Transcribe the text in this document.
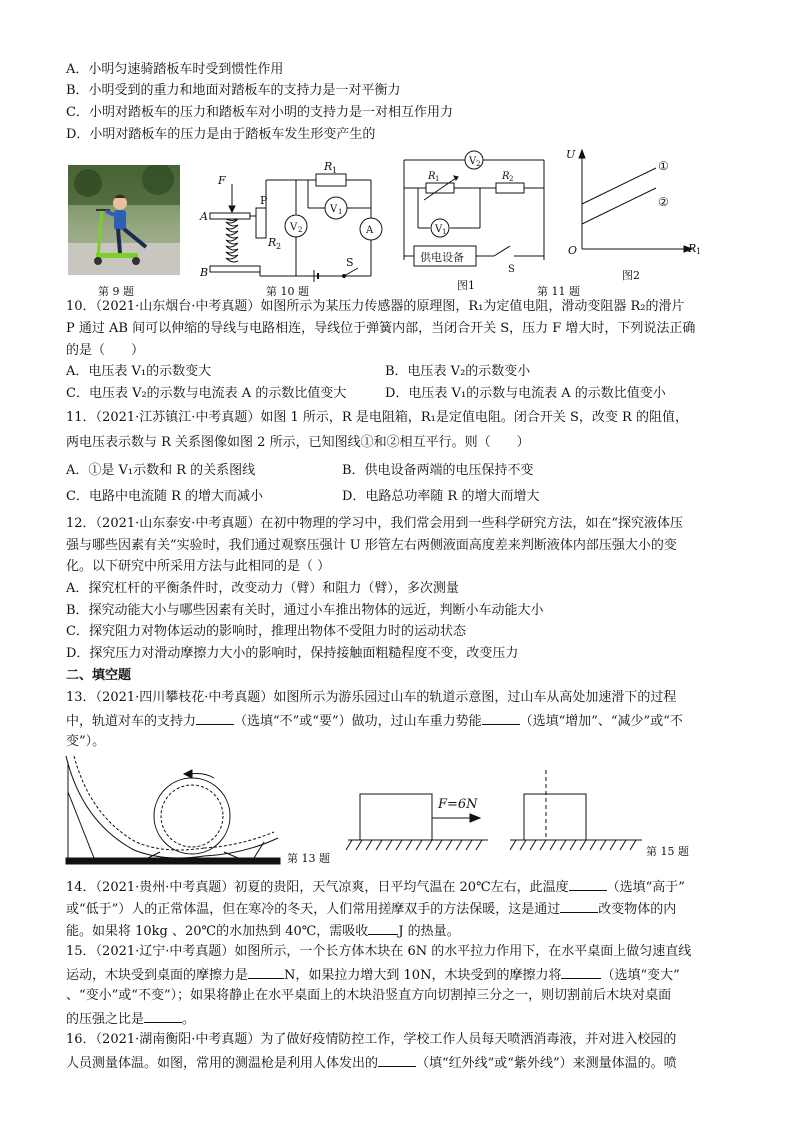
A．小明匀速骑踏板车时受到惯性作用
B．小明受到的重力和地面对踏板车的支持力是一对平衡力
C．小明对踏板车的压力和踏板车对小明的支持力是一对相互作用力
D．小明对踏板车的压力是由于踏板车发生形变产生的
第 9 题
F
A
B
P
R 2
R 1
V 2
V 1
A
S
第 10 题
V 2
R 1	R 2
V 1
S
供电设备
图1	第 11 题
U
O	R 1
①
②
图2
10．（2021·山东烟台·中考真题）如图所示为某压力传感器的原理图，R₁为定值电阻，滑动变阻器 R₂的滑片
P 通过 AB 间可以伸缩的导线与电路相连，导线位于弹簧内部，当闭合开关 S，压力 F 增大时，下列说法正确
的是（　　）
A．电压表 V₁的示数变大	B．电压表 V₂的示数变小
C．电压表 V₂的示数与电流表 A 的示数比值变大	D．电压表 V₁的示数与电流表 A 的示数比值变小
11．（2021·江苏镇江·中考真题）如图 1 所示，R 是电阻箱，R₁是定值电阻。闭合开关 S，改变 R 的阻值，
两电压表示数与 R 关系图像如图 2 所示，已知图线①和②相互平行。则（　　）
A．①是 V₁示数和 R 的关系图线	B．供电设备两端的电压保持不变
C．电路中电流随 R 的增大而减小	D．电路总功率随 R 的增大而增大
12．（2021·山东泰安·中考真题）在初中物理的学习中，我们常会用到一些科学研究方法，如在“探究液体压
强与哪些因素有关”实验时，我们通过观察压强计 U 形管左右两侧液面高度差来判断液体内部压强大小的变
化。以下研究中所采用方法与此相同的是（ ）
A．探究杠杆的平衡条件时，改变动力（臂）和阻力（臂），多次测量
B．探究动能大小与哪些因素有关时，通过小车推出物体的远近，判断小车动能大小
C．探究阻力对物体运动的影响时，推理出物体不受阻力时的运动状态
D．探究压力对滑动摩擦力大小的影响时，保持接触面粗糙程度不变，改变压力
二、填空题
13．（2021·四川攀枝花·中考真题）如图所示为游乐园过山车的轨道示意图，过山车从高处加速滑下的过程
中，轨道对车的支持力	（选填“不”或“要”）做功，过山车重力势能	（选填“增加”、“减少”或“不
变”）。
第 13 题
F=6N
第 15 题
14．（2021·贵州·中考真题）初夏的贵阳，天气凉爽，日平均气温在 20℃左右，此温度	（选填“高于”
或“低于”）人的正常体温，但在寒冷的冬天，人们常用搓摩双手的方法保暖，这是通过	改变物体的内
能。如果将 10kg 、20℃的水加热到 40℃，需吸收 J 的热量。
15．（2021·辽宁·中考真题）如图所示，一个长方体木块在 6N 的水平拉力作用下，在水平桌面上做匀速直线
运动，木块受到桌面的摩擦力是	N，如果拉力增大到 10N，木块受到的摩擦力将	（选填“变大”
、“变小”或“不变”）；如果将静止在水平桌面上的木块沿竖直方向切割掉三分之一，则切割前后木块对桌面
的压强之比是	。
16．（2021·湖南衡阳·中考真题）为了做好疫情防控工作，学校工作人员每天喷洒消毒液，并对进入校园的
人员测量体温。如图，常用的测温枪是利用人体发出的	（填“红外线”或“紫外线”）来测量体温的。喷
